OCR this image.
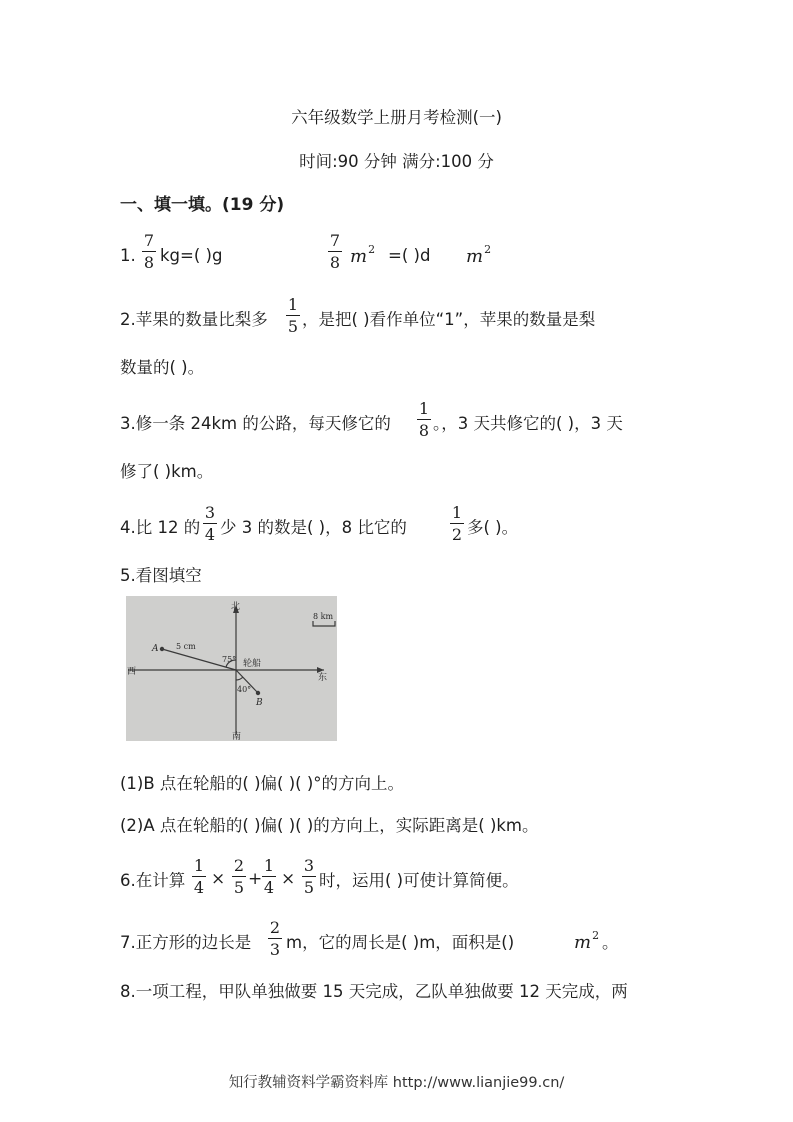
六年级数学上册月考检测(一)
时间:90 分钟 满分:100 分
一、填一填。(19 分)
1.
7
8 kg=( )g
7
8 $m^2$ =( )d $m^2$
2.苹果的数量比梨多
1
5 ，是把( )看作单位“1”，苹果的数量是梨
数量的( )。
3.修一条 24km 的公路，每天修它的
1
8 。，3 天共修它的( )，3 天
修了( )km。
4.比 12 的
3
4 少 3 的数是( )，8 比它的
1
2 多( )。
5.看图填空
北
南
西
东
A
B
5 cm
75°
40°
轮船
8 km
(1)B 点在轮船的( )偏( )( )°的方向上。
(2)A 点在轮船的( )偏( )( )的方向上，实际距离是( )km。
6.在计算
1
4 ×
2
5 +
1
4 ×
3
5 时，运用( )可使计算简便。
7.正方形的边长是
2
3 m，它的周长是( )m，面积是()	$m^2$ 。
8.一项工程，甲队单独做要 15 天完成，乙队单独做要 12 天完成，两
知行教辅资料学霸资料库 http://www.lianjie99.cn/
